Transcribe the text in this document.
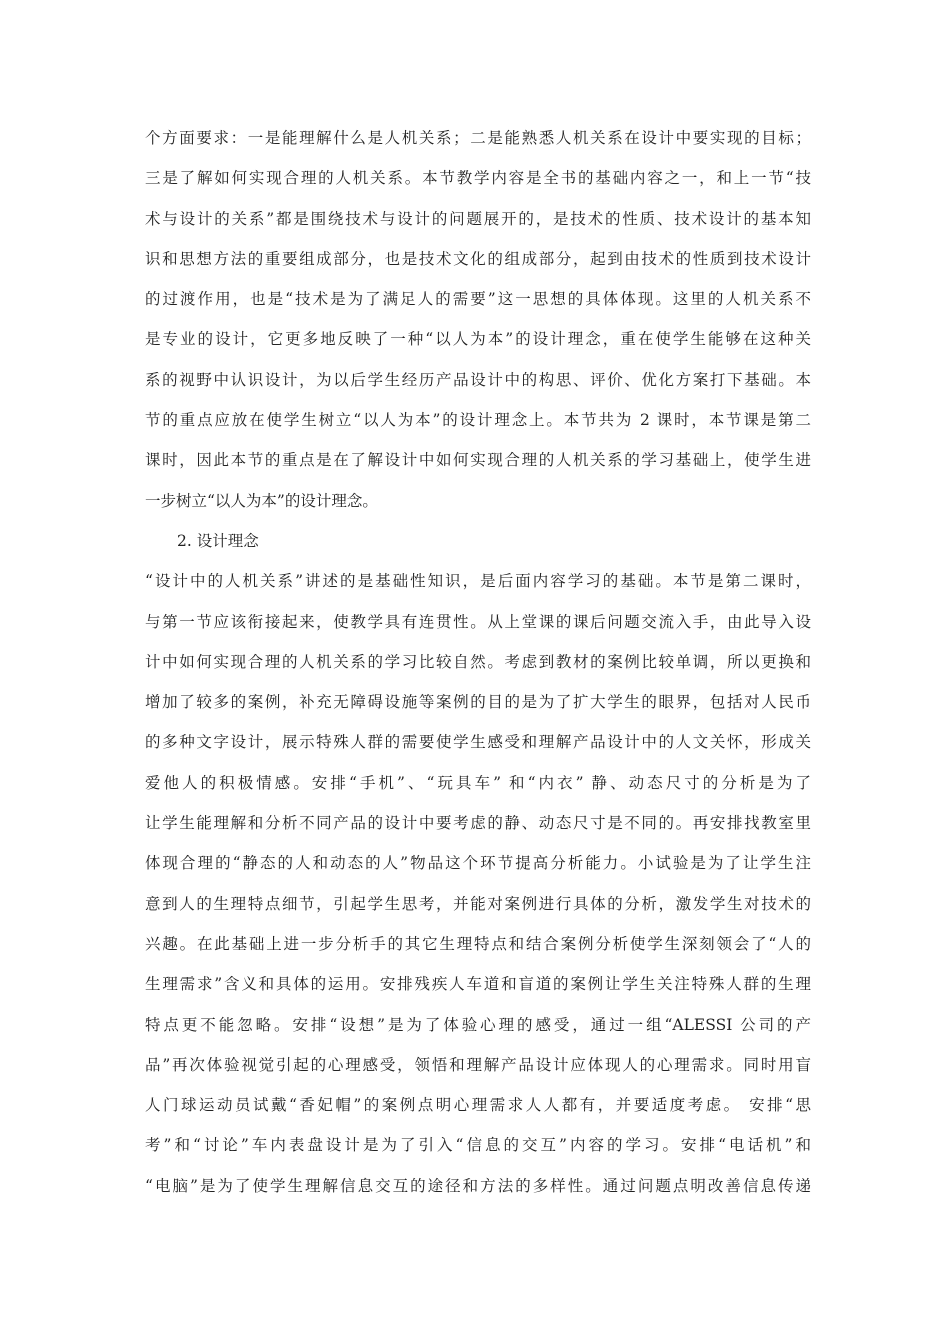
个方面要求：一是能理解什么是人机关系；二是能熟悉人机关系在设计中要实现的目标；
三是了解如何实现合理的人机关系。本节教学内容是全书的基础内容之一，和上一节“技
术与设计的关系”都是围绕技术与设计的问题展开的，是技术的性质、技术设计的基本知
识和思想方法的重要组成部分，也是技术文化的组成部分，起到由技术的性质到技术设计
的过渡作用，也是“技术是为了满足人的需要”这一思想的具体体现。这里的人机关系不
是专业的设计，它更多地反映了一种“以人为本”的设计理念，重在使学生能够在这种关
系的视野中认识设计，为以后学生经历产品设计中的构思、评价、优化方案打下基础。本
节的重点应放在使学生树立“以人为本”的设计理念上。本节共为 2 课时，本节课是第二
课时，因此本节的重点是在了解设计中如何实现合理的人机关系的学习基础上，使学生进
一步树立“以人为本”的设计理念。
2. 设计理念
“设计中的人机关系”讲述的是基础性知识，是后面内容学习的基础。本节是第二课时，
与第一节应该衔接起来，使教学具有连贯性。从上堂课的课后问题交流入手，由此导入设
计中如何实现合理的人机关系的学习比较自然。考虑到教材的案例比较单调，所以更换和
增加了较多的案例，补充无障碍设施等案例的目的是为了扩大学生的眼界，包括对人民币
的多种文字设计，展示特殊人群的需要使学生感受和理解产品设计中的人文关怀，形成关
爱他人的积极情感。安排“手机”、“玩具车” 和“内衣” 静、动态尺寸的分析是为了
让学生能理解和分析不同产品的设计中要考虑的静、动态尺寸是不同的。再安排找教室里
体现合理的“静态的人和动态的人”物品这个环节提高分析能力。小试验是为了让学生注
意到人的生理特点细节，引起学生思考，并能对案例进行具体的分析，激发学生对技术的
兴趣。在此基础上进一步分析手的其它生理特点和结合案例分析使学生深刻领会了“人的
生理需求”含义和具体的运用。安排残疾人车道和盲道的案例让学生关注特殊人群的生理
特点更不能忽略。安排“设想”是为了体验心理的感受，通过一组“ALESSI 公司的产
品”再次体验视觉引起的心理感受，领悟和理解产品设计应体现人的心理需求。同时用盲
人门球运动员试戴“香妃帽”的案例点明心理需求人人都有，并要适度考虑。 安排“思
考”和“讨论”车内表盘设计是为了引入“信息的交互”内容的学习。安排“电话机”和
“电脑”是为了使学生理解信息交互的途径和方法的多样性。通过问题点明改善信息传递
